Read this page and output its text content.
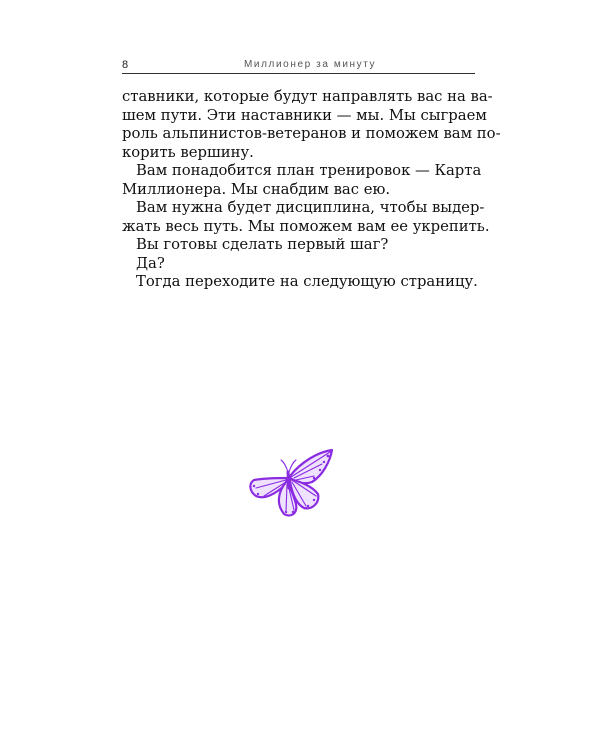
8	Миллионер за минуту
ставники, которые будут направлять вас на ва-
шем пути. Эти наставники — мы. Мы сыграем
роль альпинистов-ветеранов и поможем вам по-
корить вершину.
Вам понадобится план тренировок — Карта
Миллионера. Мы снабдим вас ею.
Вам нужна будет дисциплина, чтобы выдер-
жать весь путь. Мы поможем вам ее укрепить.
Вы готовы сделать первый шаг?
Да?
Тогда переходите на следующую страницу.
